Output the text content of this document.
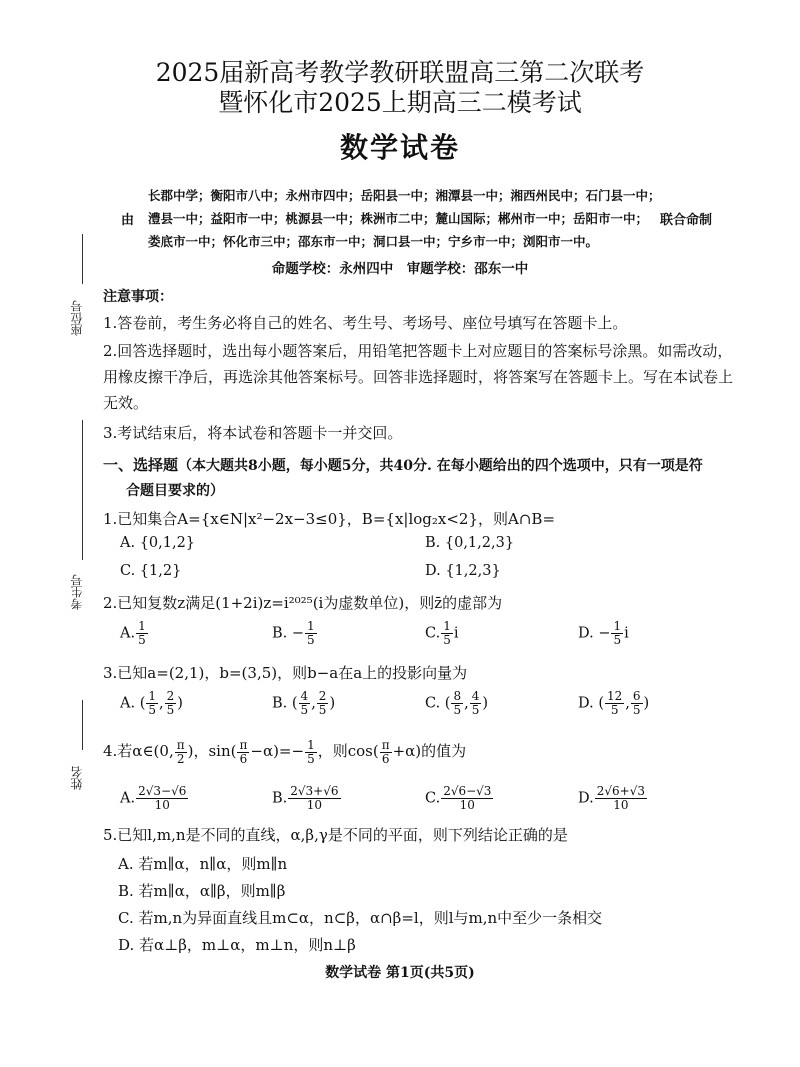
2025届新高考教学教研联盟高三第二次联考
暨怀化市2025上期高三二模考试
数学试卷
长郡中学；衡阳市八中；永州市四中；岳阳县一中；湘潭县一中；湘西州民中；石门县一中；
由 澧县一中；益阳市一中；桃源县一中；株洲市二中；麓山国际；郴州市一中；岳阳市一中； 联合命制
娄底市一中；怀化市三中；邵东市一中；洞口县一中；宁乡市一中；浏阳市一中。
命题学校：永州四中　审题学校：邵东一中
座位号
考生号
姓名
注意事项：
1.答卷前，考生务必将自己的姓名、考生号、考场号、座位号填写在答题卡上。
2.回答选择题时，选出每小题答案后，用铅笔把答题卡上对应题目的答案标号涂黑。如需改动，
用橡皮擦干净后，再选涂其他答案标号。回答非选择题时，将答案写在答题卡上。写在本试卷上
无效。
3.考试结束后，将本试卷和答题卡一并交回。
一、选择题（本大题共8小题，每小题5分，共40分. 在每小题给出的四个选项中，只有一项是符
合题目要求的）
1.已知集合A={x∈N|x²−2x−3≤0}，B={x|log₂x<2}，则A∩B=
A. {0,1,2}	B. {0,1,2,3}
C. {1,2}	D. {1,2,3}
2.已知复数z满足(1+2i)z=i²⁰²⁵(i为虚数单位)，则z̄的虚部为
A. $\frac{1}{5}$	B. − $\frac{1}{5}$	C. $\frac{1}{5}$ i	D. − $\frac{1}{5}$ i
3.已知a=(2,1)，b=(3,5)，则b−a在a上的投影向量为
A. ( $\frac{1}{5}$ , $\frac{2}{5}$ )	B. ( $\frac{4}{5}$ , $\frac{2}{5}$ )	C. ( $\frac{8}{5}$ , $\frac{4}{5}$ )	D. ( $\frac{12}{5}$ , $\frac{6}{5}$ )
4.若α∈(0, $\frac{\pi}{2}$ )，$\sin( \frac{\pi}{6} -\alpha)=- \frac{1}{5}$ ，则$\cos( \frac{\pi}{6} +\alpha)$的值为
A. $\frac{2√3-√6}{10}$	B. $\frac{2√3+√6}{10}$	C. $\frac{2√6-√3}{10}$	D. $\frac{2√6+√3}{10}$
5.已知l,m,n是不同的直线，α,β,γ是不同的平面，则下列结论正确的是
A. 若m∥α，n∥α，则m∥n
B. 若m∥α，α∥β，则m∥β
C. 若m,n为异面直线且m⊂α，n⊂β，α∩β=l，则l与m,n中至少一条相交
D. 若α⊥β，m⊥α，m⊥n，则n⊥β
数学试卷 第1页(共5页)
